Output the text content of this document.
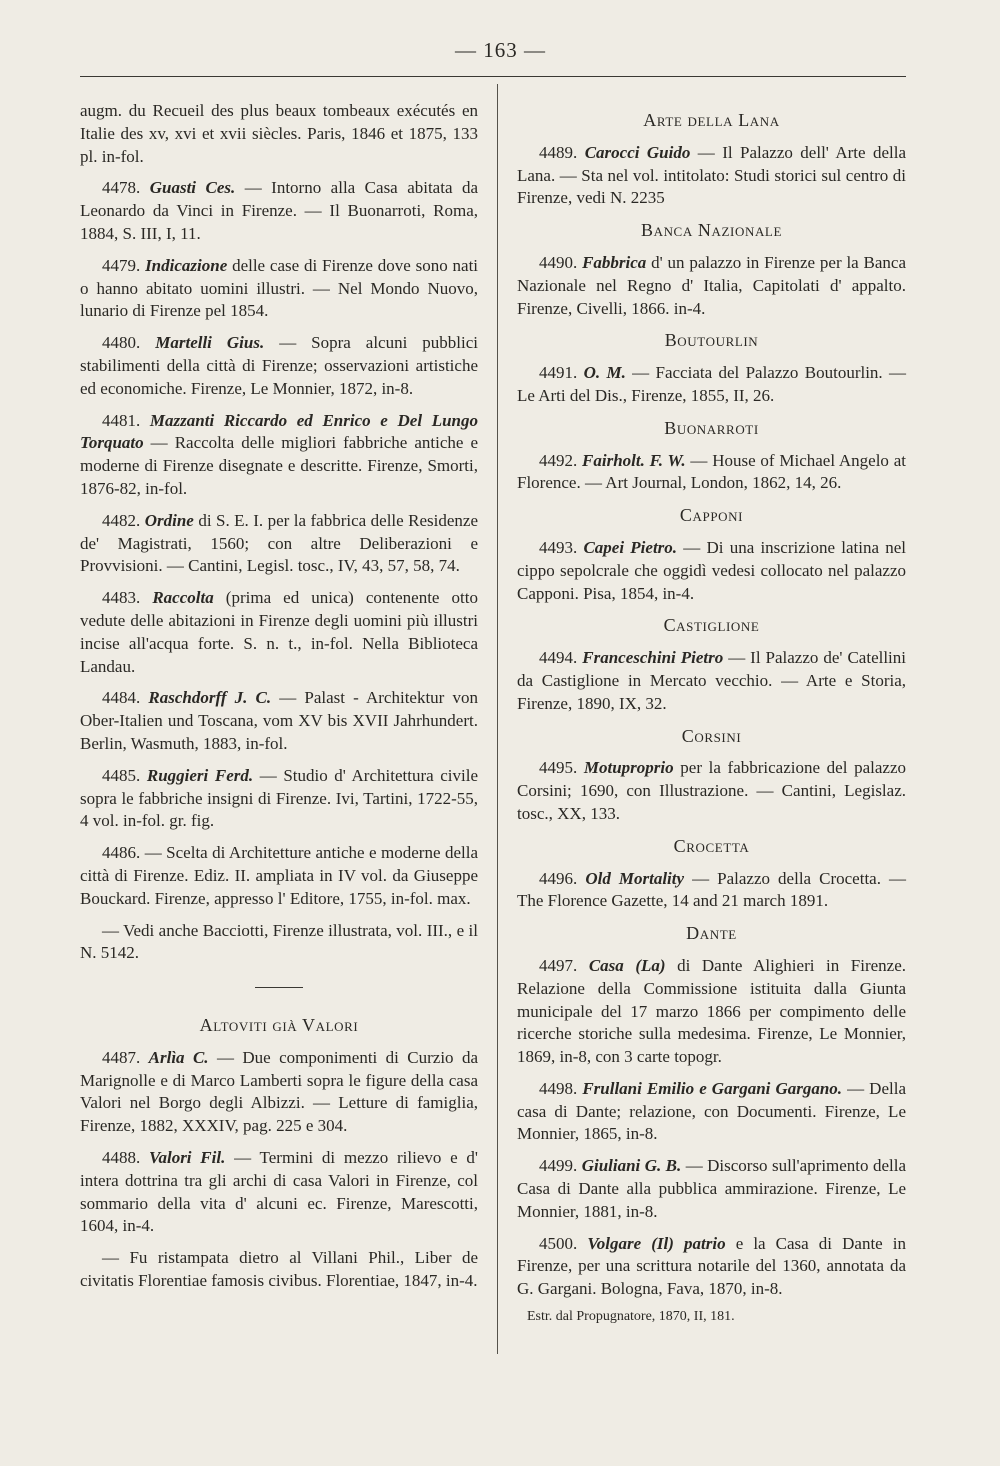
— 163 —

augm. du Recueil des plus beaux tombeaux exécutés en Italie des xv, xvi et xvii siècles. Paris, 1846 et 1875, 133 pl. in-fol.

4478. Guasti Ces. — Intorno alla Casa abitata da Leonardo da Vinci in Firenze. — Il Buonarroti, Roma, 1884, S. III, I, 11.

4479. Indicazione delle case di Firenze dove sono nati o hanno abitato uomini illustri. — Nel Mondo Nuovo, lunario di Firenze pel 1854.

4480. Martelli Gius. — Sopra alcuni pubblici stabilimenti della città di Firenze; osservazioni artistiche ed economiche. Firenze, Le Monnier, 1872, in-8.

4481. Mazzanti Riccardo ed Enrico e Del Lungo Torquato — Raccolta delle migliori fabbriche antiche e moderne di Firenze disegnate e descritte. Firenze, Smorti, 1876-82, in-fol.

4482. Ordine di S. E. I. per la fabbrica delle Residenze de' Magistrati, 1560; con altre Deliberazioni e Provvisioni. — Cantini, Legisl. tosc., IV, 43, 57, 58, 74.

4483. Raccolta (prima ed unica) contenente otto vedute delle abitazioni in Firenze degli uomini più illustri incise all'acqua forte. S. n. t., in-fol. Nella Biblioteca Landau.

4484. Raschdorff J. C. — Palast - Architektur von Ober-Italien und Toscana, vom XV bis XVII Jahrhundert. Berlin, Wasmuth, 1883, in-fol.

4485. Ruggieri Ferd. — Studio d' Architettura civile sopra le fabbriche insigni di Firenze. Ivi, Tartini, 1722-55, 4 vol. in-fol. gr. fig.

4486. — Scelta di Architetture antiche e moderne della città di Firenze. Ediz. II. ampliata in IV vol. da Giuseppe Bouckard. Firenze, appresso l' Editore, 1755, in-fol. max.

— Vedi anche Bacciotti, Firenze illustrata, vol. III., e il N. 5142.

Altoviti già Valori

4487. Arlìa C. — Due componimenti di Curzio da Marignolle e di Marco Lamberti sopra le figure della casa Valori nel Borgo degli Albizzi. — Letture di famiglia, Firenze, 1882, XXXIV, pag. 225 e 304.

4488. Valori Fil. — Termini di mezzo rilievo e d' intera dottrina tra gli archi di casa Valori in Firenze, col sommario della vita d' alcuni ec. Firenze, Marescotti, 1604, in-4.

— Fu ristampata dietro al Villani Phil., Liber de civitatis Florentiae famosis civibus. Florentiae, 1847, in-4.

Arte della Lana

4489. Carocci Guido — Il Palazzo dell' Arte della Lana. — Sta nel vol. intitolato: Studi storici sul centro di Firenze, vedi N. 2235

Banca Nazionale

4490. Fabbrica d' un palazzo in Firenze per la Banca Nazionale nel Regno d' Italia, Capitolati d' appalto. Firenze, Civelli, 1866. in-4.

Boutourlin

4491. O. M. — Facciata del Palazzo Boutourlin. — Le Arti del Dis., Firenze, 1855, II, 26.

Buonarroti

4492. Fairholt. F. W. — House of Michael Angelo at Florence. — Art Journal, London, 1862, 14, 26.

Capponi

4493. Capei Pietro. — Di una inscrizione latina nel cippo sepolcrale che oggidì vedesi collocato nel palazzo Capponi. Pisa, 1854, in-4.

Castiglione

4494. Franceschini Pietro — Il Palazzo de' Catellini da Castiglione in Mercato vecchio. — Arte e Storia, Firenze, 1890, IX, 32.

Corsini

4495. Motuproprio per la fabbricazione del palazzo Corsini; 1690, con Illustrazione. — Cantini, Legislaz. tosc., XX, 133.

Crocetta

4496. Old Mortality — Palazzo della Crocetta. — The Florence Gazette, 14 and 21 march 1891.

Dante

4497. Casa (La) di Dante Alighieri in Firenze. Relazione della Commissione istituita dalla Giunta municipale del 17 marzo 1866 per compimento delle ricerche storiche sulla medesima. Firenze, Le Monnier, 1869, in-8, con 3 carte topogr.

4498. Frullani Emilio e Gargani Gargano. — Della casa di Dante; relazione, con Documenti. Firenze, Le Monnier, 1865, in-8.

4499. Giuliani G. B. — Discorso sull'aprimento della Casa di Dante alla pubblica ammirazione. Firenze, Le Monnier, 1881, in-8.

4500. Volgare (Il) patrio e la Casa di Dante in Firenze, per una scrittura notarile del 1360, annotata da G. Gargani. Bologna, Fava, 1870, in-8.

Estr. dal Propugnatore, 1870, II, 181.
